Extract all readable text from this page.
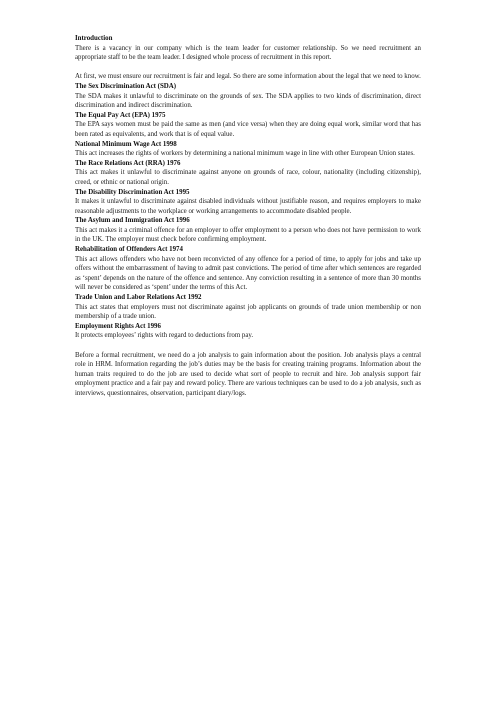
Introduction

There is a vacancy in our company which is the team leader for customer relationship. So we need recruitment an appropriate staff to be the team leader. I designed whole process of recruitment in this report.

At first, we must ensure our recruitment is fair and legal. So there are some information about the legal that we need to know.

The Sex Discrimination Act (SDA)

The SDA makes it unlawful to discriminate on the grounds of sex. The SDA applies to two kinds of discrimination, direct discrimination and indirect discrimination.

The Equal Pay Act (EPA) 1975

The EPA says women must be paid the same as men (and vice versa) when they are doing equal work, similar word that has been rated as equivalents, and work that is of equal value.

National Minimum Wage Act 1998

This act increases the rights of workers by determining a national minimum wage in line with other European Union states.

The Race Relations Act (RRA) 1976

This act makes it unlawful to discriminate against anyone on grounds of race, colour, nationality (including citizenship), creed, or ethnic or national origin.

The Disability Discrimination Act 1995

It makes it unlawful to discriminate against disabled individuals without justifiable reason, and requires employers to make reasonable adjustments to the workplace or working arrangements to accommodate disabled people.

The Asylum and Immigration Act 1996

This act makes it a criminal offence for an employer to offer employment to a person who does not have permission to work in the UK. The employer must check before confirming employment.

Rehabilitation of Offenders Act 1974

This act allows offenders who have not been reconvicted of any offence for a period of time, to apply for jobs and take up offers without the embarrassment of having to admit past convictions. The period of time after which sentences are regarded as ‘spent’ depends on the nature of the offence and sentence. Any conviction resulting in a sentence of more than 30 months will never be considered as ‘spent’ under the terms of this Act.

Trade Union and Labor Relations Act 1992

This act states that employers must not discriminate against job applicants on grounds of trade union membership or non membership of a trade union.

Employment Rights Act 1996

It protects employees’ rights with regard to deductions from pay.

Before a formal recruitment, we need do a job analysis to gain information about the position. Job analysis plays a central role in HRM. Information regarding the job’s duties may be the basis for creating training programs. Information about the human traits required to do the job are used to decide what sort of people to recruit and hire. Job analysis support fair employment practice and a fair pay and reward policy. There are various techniques can be used to do a job analysis, such as interviews, questionnaires, observation, participant diary/logs.
